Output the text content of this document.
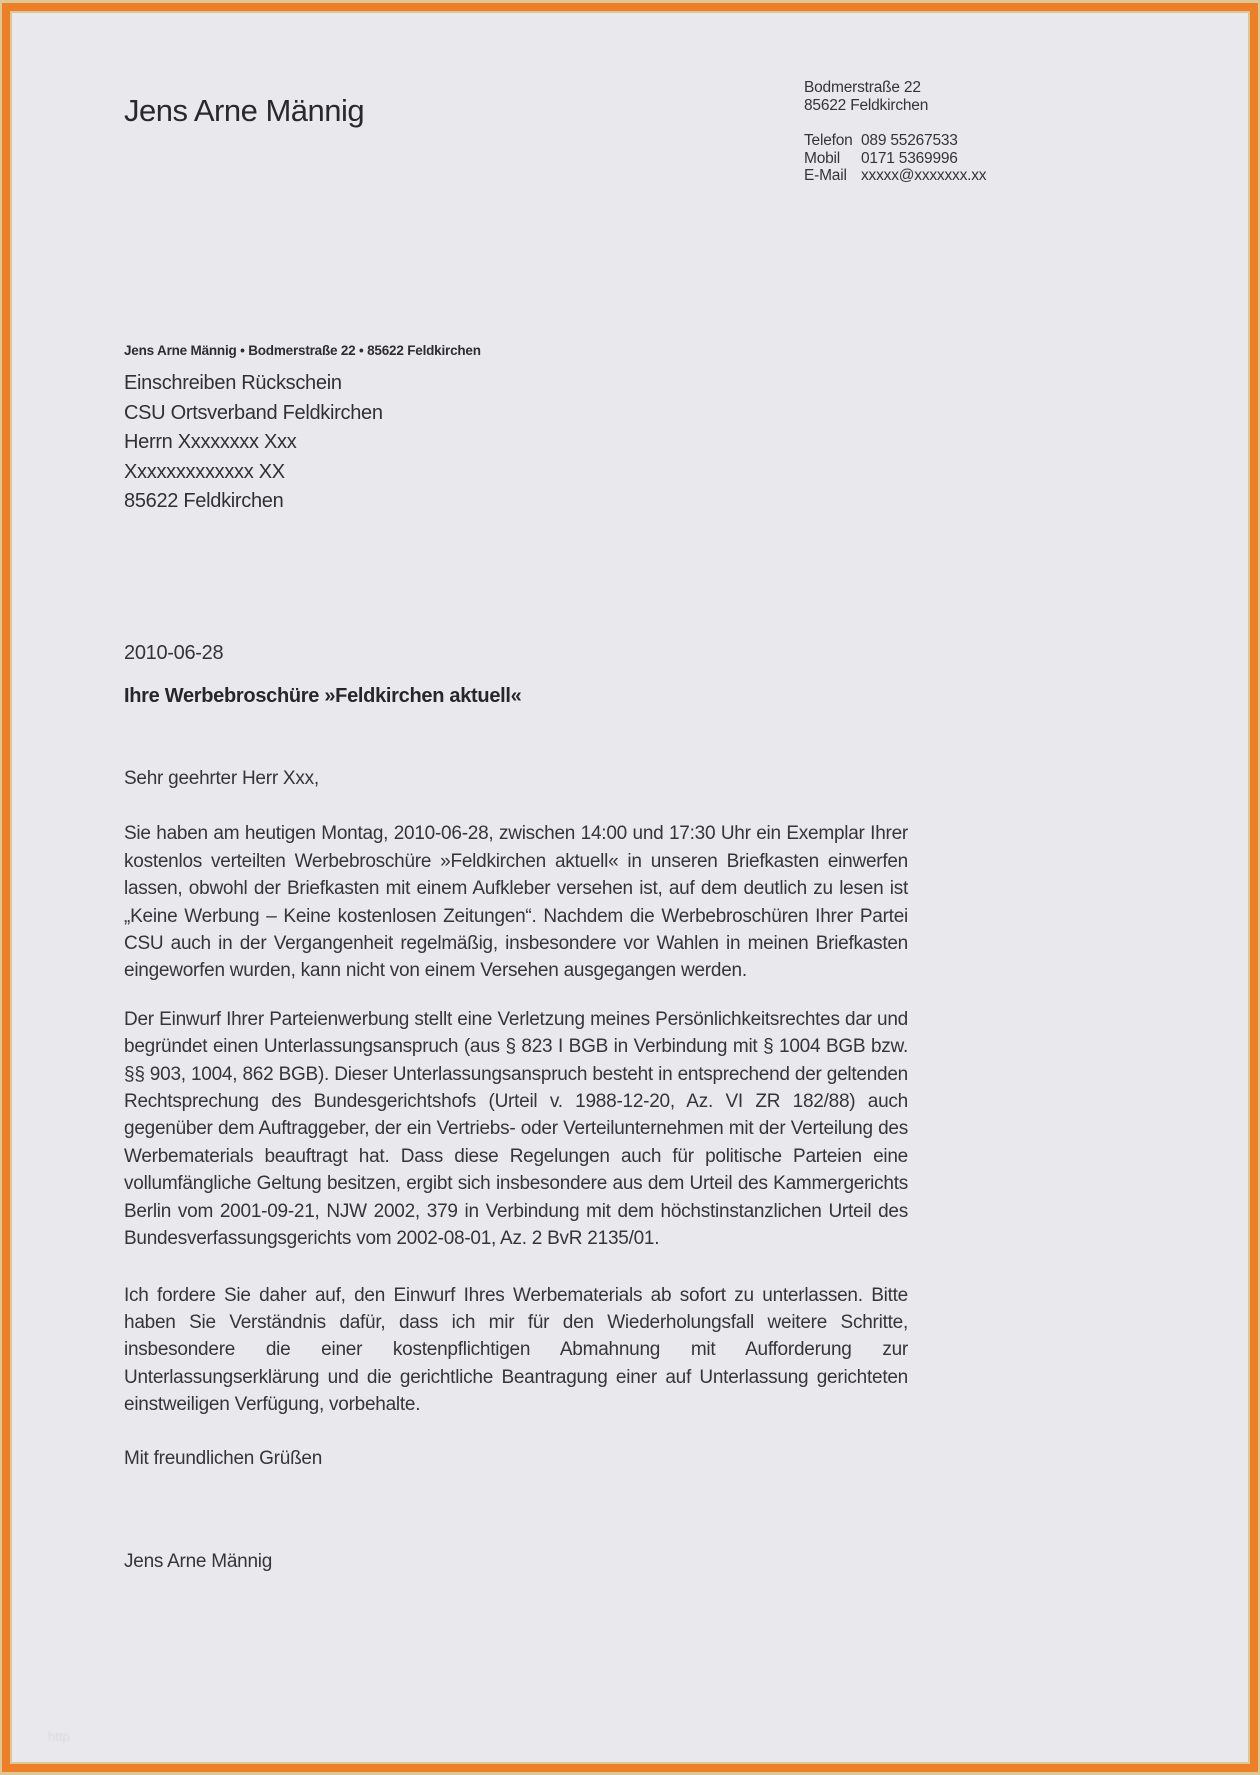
Jens Arne Männig
Bodmerstraße 22
85622 Feldkirchen
Telefon 089 55267533
Mobil	0171 5369996
E-Mail xxxxx@xxxxxxx.xx
Jens Arne Männig • Bodmerstraße 22 • 85622 Feldkirchen
Einschreiben Rückschein
CSU Ortsverband Feldkirchen
Herrn Xxxxxxxx Xxx
Xxxxxxxxxxxxx XX
85622 Feldkirchen
2010-06-28
Ihre Werbebroschüre »Feldkirchen aktuell«

Sehr geehrter Herr Xxx,

Sie haben am heutigen Montag, 2010-06-28, zwischen 14:00 und 17:30 Uhr ein Exemplar Ihrer kostenlos verteilten Werbebroschüre »Feldkirchen aktuell« in unseren Briefkasten einwerfen lassen, obwohl der Briefkasten mit einem Aufkleber versehen ist, auf dem deutlich zu lesen ist „Keine Werbung – Keine kostenlosen Zeitungen“. Nachdem die Werbebroschüren Ihrer Partei CSU auch in der Vergangenheit regelmäßig, insbesondere vor Wahlen in meinen Briefkasten eingeworfen wurden, kann nicht von einem Versehen ausgegangen werden.

Der Einwurf Ihrer Parteienwerbung stellt eine Verletzung meines Persönlichkeitsrechtes dar und begründet einen Unterlassungsanspruch (aus § 823 I BGB in Verbindung mit § 1004 BGB bzw. §§ 903, 1004, 862 BGB). Dieser Unterlassungsanspruch besteht in entsprechend der geltenden Rechtsprechung des Bundesgerichtshofs (Urteil v. 1988-12-20, Az. VI ZR 182/88) auch gegenüber dem Auftraggeber, der ein Vertriebs- oder Verteilunternehmen mit der Verteilung des Werbematerials beauftragt hat. Dass diese Regelungen auch für politische Parteien eine vollumfängliche Geltung besitzen, ergibt sich insbesondere aus dem Urteil des Kammergerichts Berlin vom 2001-09-21, NJW 2002, 379 in Verbindung mit dem höchstinstanzlichen Urteil des Bundesverfassungsgerichts vom 2002-08-01, Az. 2 BvR 2135/01.

Ich fordere Sie daher auf, den Einwurf Ihres Werbematerials ab sofort zu unterlassen. Bitte haben Sie Verständnis dafür, dass ich mir für den Wiederholungsfall weitere Schritte, insbesondere die einer kostenpflichtigen Abmahnung mit Aufforderung zur Unterlassungserklärung und die gerichtliche Beantragung einer auf Unterlassung gerichteten einstweiligen Verfügung, vorbehalte.

Mit freundlichen Grüßen

Jens Arne Männig

http
